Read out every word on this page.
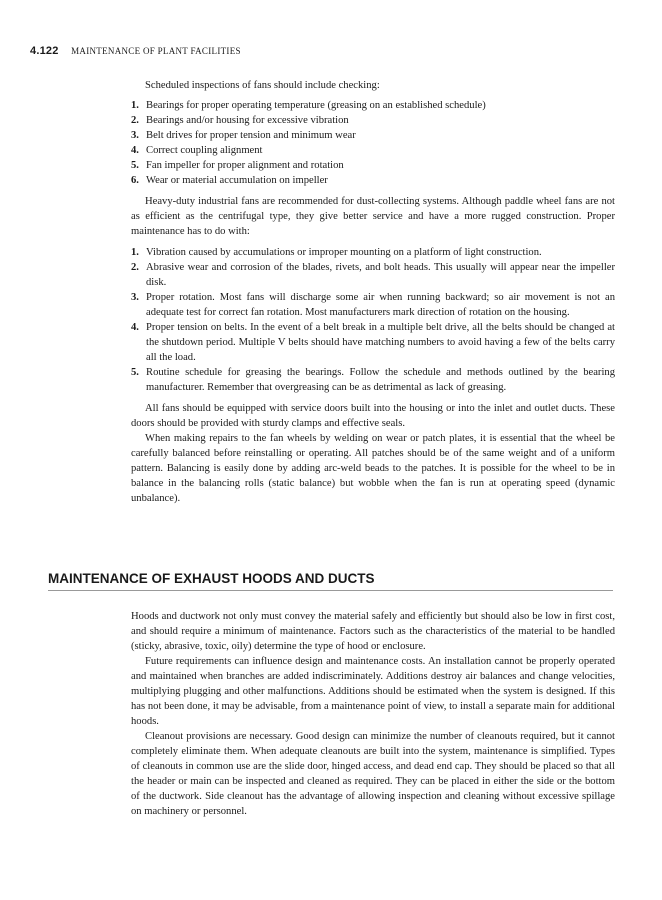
4.122 MAINTENANCE OF PLANT FACILITIES

Scheduled inspections of fans should include checking:

1. Bearings for proper operating temperature (greasing on an established schedule)
2. Bearings and/or housing for excessive vibration
3. Belt drives for proper tension and minimum wear
4. Correct coupling alignment
5. Fan impeller for proper alignment and rotation
6. Wear or material accumulation on impeller

Heavy-duty industrial fans are recommended for dust-collecting systems. Although paddle wheel fans are not as efficient as the centrifugal type, they give better service and have a more rugged construction. Proper maintenance has to do with:

1. Vibration caused by accumulations or improper mounting on a platform of light construction.
2. Abrasive wear and corrosion of the blades, rivets, and bolt heads. This usually will appear near the impeller disk.
3. Proper rotation. Most fans will discharge some air when running backward; so air movement is not an adequate test for correct fan rotation. Most manufacturers mark direction of rotation on the housing.
4. Proper tension on belts. In the event of a belt break in a multiple belt drive, all the belts should be changed at the shutdown period. Multiple V belts should have matching numbers to avoid having a few of the belts carry all the load.
5. Routine schedule for greasing the bearings. Follow the schedule and methods outlined by the bearing manufacturer. Remember that overgreasing can be as detrimental as lack of greasing.

All fans should be equipped with service doors built into the housing or into the inlet and outlet ducts. These doors should be provided with sturdy clamps and effective seals.

When making repairs to the fan wheels by welding on wear or patch plates, it is essential that the wheel be carefully balanced before reinstalling or operating. All patches should be of the same weight and of a uniform pattern. Balancing is easily done by adding arc-weld beads to the patches. It is possible for the wheel to be in balance in the balancing rolls (static balance) but wobble when the fan is run at operating speed (dynamic unbalance).

MAINTENANCE OF EXHAUST HOODS AND DUCTS

Hoods and ductwork not only must convey the material safely and efficiently but should also be low in first cost, and should require a minimum of maintenance. Factors such as the characteristics of the material to be handled (sticky, abrasive, toxic, oily) determine the type of hood or enclosure.

Future requirements can influence design and maintenance costs. An installation cannot be properly operated and maintained when branches are added indiscriminately. Additions destroy air balances and change velocities, multiplying plugging and other malfunctions. Additions should be estimated when the system is designed. If this has not been done, it may be advisable, from a maintenance point of view, to install a separate main for additional hoods.

Cleanout provisions are necessary. Good design can minimize the number of cleanouts required, but it cannot completely eliminate them. When adequate cleanouts are built into the system, maintenance is simplified. Types of cleanouts in common use are the slide door, hinged access, and dead end cap. They should be placed so that all the header or main can be inspected and cleaned as required. They can be placed in either the side or the bottom of the ductwork. Side cleanout has the advantage of allowing inspection and cleaning without excessive spillage on machinery or personnel.
